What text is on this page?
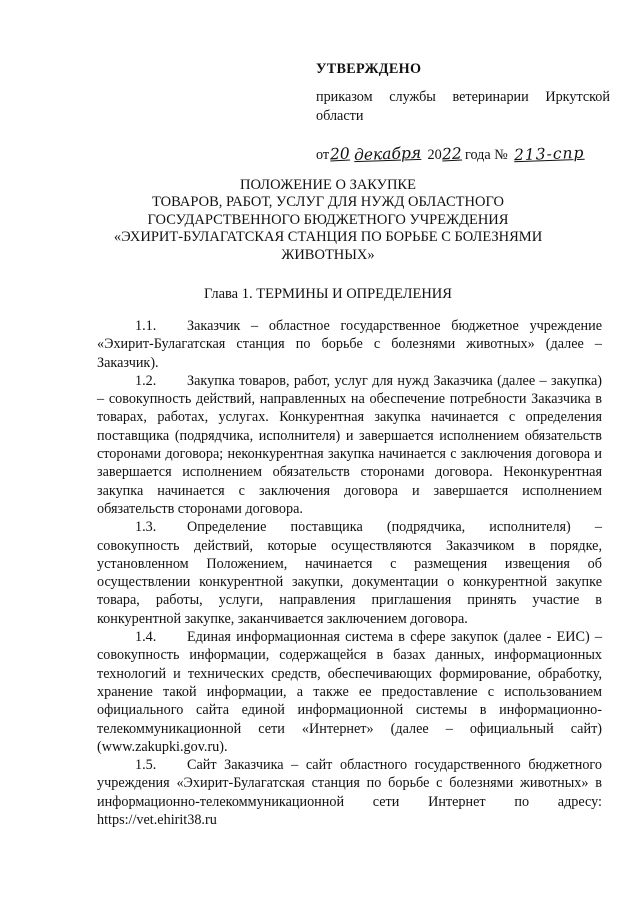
УТВЕРЖДЕНО
приказом службы ветеринарии Иркутской области
от20 декабря 2022 года № 213-спр
ПОЛОЖЕНИЕ О ЗАКУПКЕ
ТОВАРОВ, РАБОТ, УСЛУГ ДЛЯ НУЖД ОБЛАСТНОГО
ГОСУДАРСТВЕННОГО БЮДЖЕТНОГО УЧРЕЖДЕНИЯ
«ЭХИРИТ-БУЛАГАТСКАЯ СТАНЦИЯ ПО БОРЬБЕ С БОЛЕЗНЯМИ
ЖИВОТНЫХ»
Глава 1. ТЕРМИНЫ И ОПРЕДЕЛЕНИЯ
1.1. Заказчик – областное государственное бюджетное учреждение «Эхирит-Булагатская станция по борьбе с болезнями животных» (далее – Заказчик).
1.2. Закупка товаров, работ, услуг для нужд Заказчика (далее – закупка) – совокупность действий, направленных на обеспечение потребности Заказчика в товарах, работах, услугах. Конкурентная закупка начинается с определения поставщика (подрядчика, исполнителя) и завершается исполнением обязательств сторонами договора; неконкурентная закупка начинается с заключения договора и завершается исполнением обязательств сторонами договора. Неконкурентная закупка начинается с заключения договора и завершается исполнением обязательств сторонами договора.
1.3. Определение поставщика (подрядчика, исполнителя) – совокупность действий, которые осуществляются Заказчиком в порядке, установленном Положением, начинается с размещения извещения об осуществлении конкурентной закупки, документации о конкурентной закупке товара, работы, услуги, направления приглашения принять участие в конкурентной закупке, заканчивается заключением договора.
1.4. Единая информационная система в сфере закупок (далее - ЕИС) – совокупность информации, содержащейся в базах данных, информационных технологий и технических средств, обеспечивающих формирование, обработку, хранение такой информации, а также ее предоставление с использованием официального сайта единой информационной системы в информационно-телекоммуникационной сети «Интернет» (далее – официальный сайт) (www.zakupki.gov.ru).
1.5. Сайт Заказчика – сайт областного государственного бюджетного учреждения «Эхирит-Булагатская станция по борьбе с болезнями животных» в информационно-телекоммуникационной сети Интернет по адресу: https://vet.ehirit38.ru
